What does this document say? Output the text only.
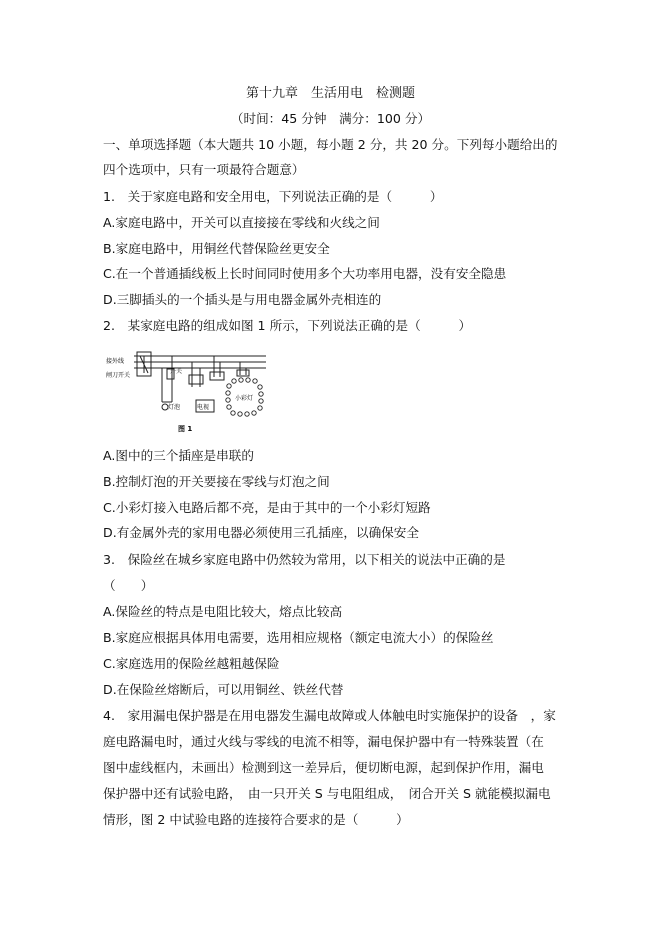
第十九章　生活用电　检测题
（时间：45 分钟　满分：100 分）
一、单项选择题（本大题共 10 小题，每小题 2 分，共 20 分。下列每小题给出的
四个选项中，只有一项最符合题意）
1.　关于家庭电路和安全用电，下列说法正确的是（　　　）
A.家庭电路中，开关可以直接接在零线和火线之间
B.家庭电路中，用铜丝代替保险丝更安全
C.在一个普通插线板上长时间同时使用多个大功率用电器，没有安全隐患
D.三脚插头的一个插头是与用电器金属外壳相连的
2.　某家庭电路的组成如图 1 所示，下列说法正确的是（　　　）
接外线
闸刀开关
开关
灯泡	电视
小彩灯
图 1
A.图中的三个插座是串联的
B.控制灯泡的开关要接在零线与灯泡之间
C.小彩灯接入电路后都不亮，是由于其中的一个小彩灯短路
D.有金属外壳的家用电器必须使用三孔插座，以确保安全
3.　保险丝在城乡家庭电路中仍然较为常用，以下相关的说法中正确的是
（　　）
A.保险丝的特点是电阻比较大，熔点比较高
B.家庭应根据具体用电需要，选用相应规格（额定电流大小）的保险丝
C.家庭选用的保险丝越粗越保险
D.在保险丝熔断后，可以用铜丝、铁丝代替
4.　家用漏电保护器是在用电器发生漏电故障或人体触电时实施保护的设备　，家
庭电路漏电时，通过火线与零线的电流不相等，漏电保护器中有一特殊装置（在
图中虚线框内，未画出）检测到这一差异后，便切断电源，起到保护作用，漏电
保护器中还有试验电路，　由一只开关 S 与电阻组成，　闭合开关 S 就能模拟漏电
情形，图 2 中试验电路的连接符合要求的是（　　　）
